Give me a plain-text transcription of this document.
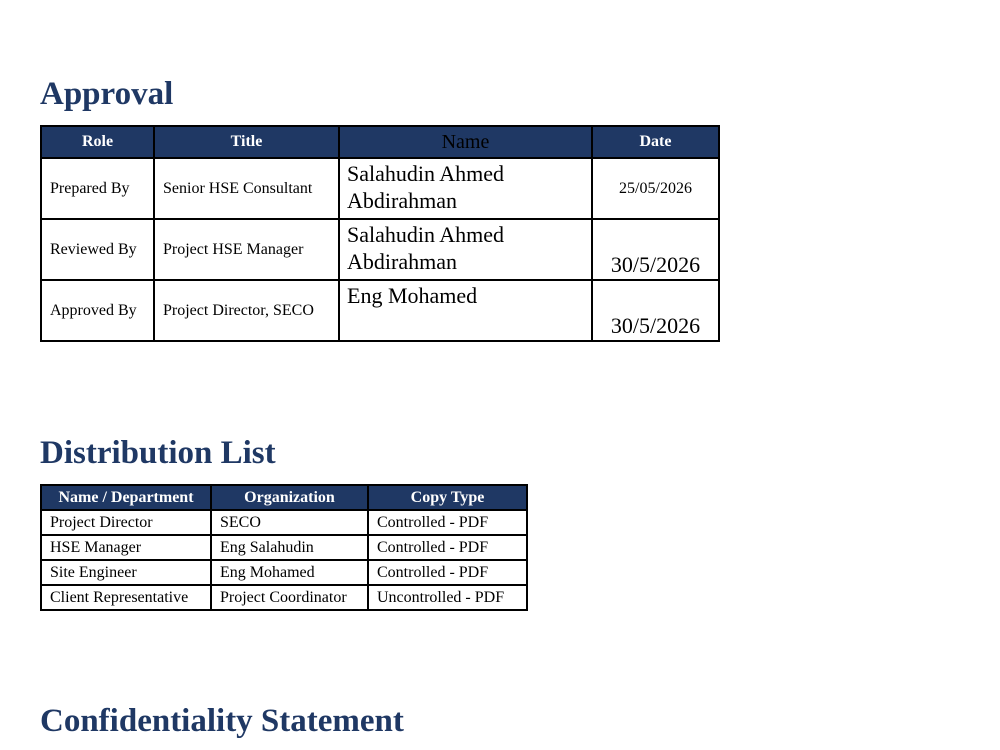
Approval
Role	Title	Name	Date
Prepared By	Senior HSE Consultant	Salahudin Ahmed Abdirahman	25/05/2026
Reviewed By	Project HSE Manager	Salahudin Ahmed Abdirahman	30/5/2026
Approved By	Project Director, SECO	Eng Mohamed	30/5/2026
Distribution List
Name / Department	Organization	Copy Type
Project Director	SECO	Controlled - PDF
HSE Manager	Eng Salahudin	Controlled - PDF
Site Engineer	Eng Mohamed	Controlled - PDF
Client Representative	Project Coordinator	Uncontrolled - PDF
Confidentiality Statement
